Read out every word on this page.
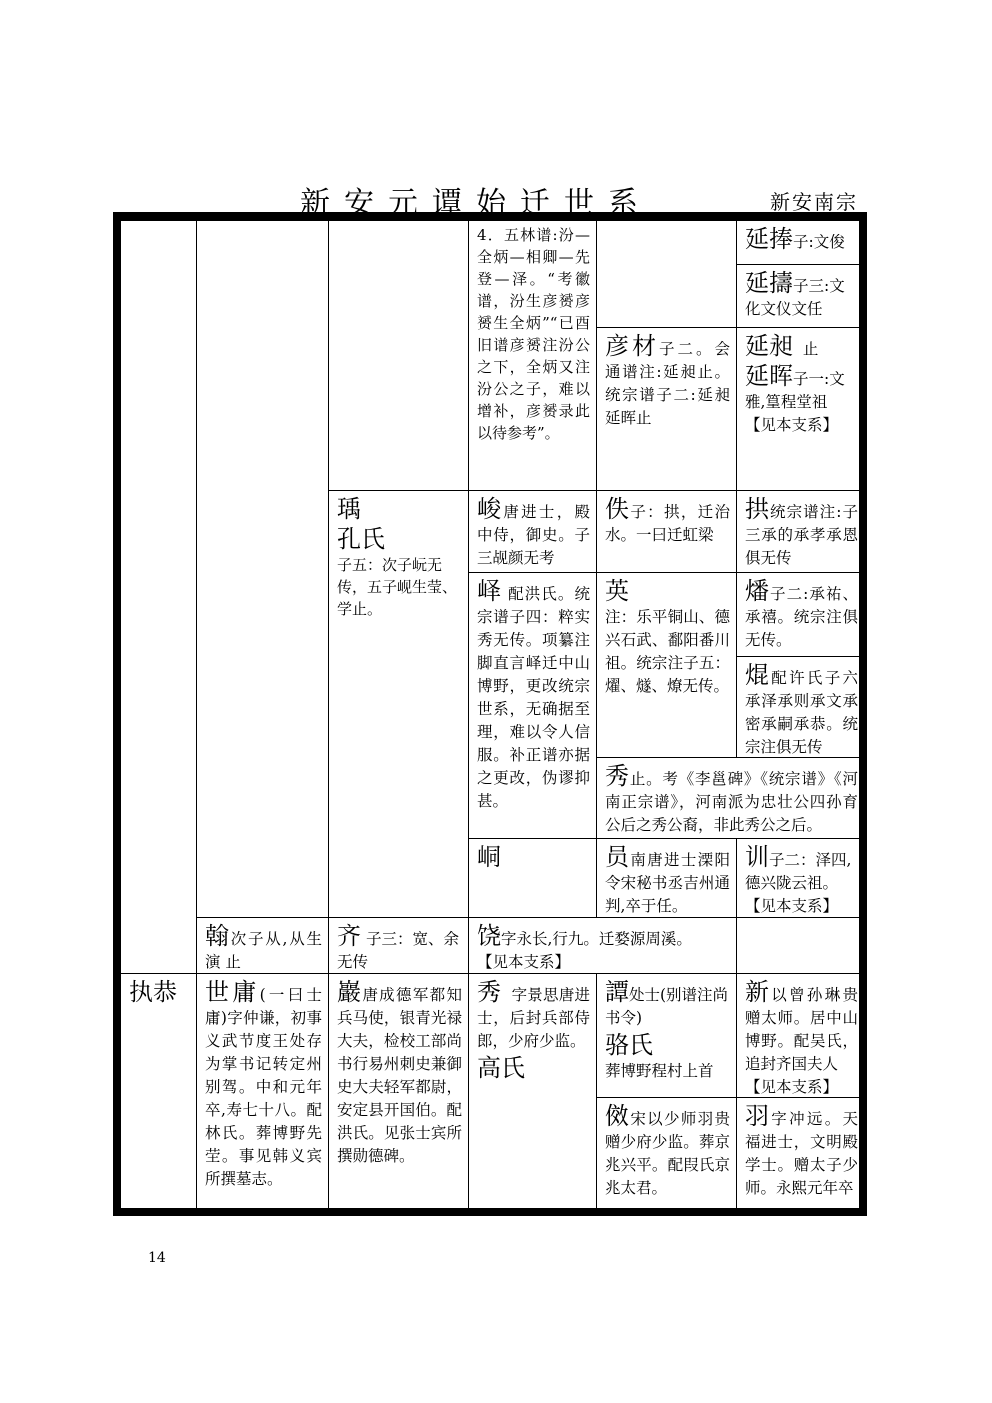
新安元谭始迁世系	新安南宗
执恭
翰次子从,从生演 止
世庸(一曰士庸)字仲谦，初事义武节度王处存为掌书记转定州别驾。中和元年卒,寿七十八。配林氏。葬博野先茔。事见韩义宾所撰墓志。
瑀
孔氏
子五：次子岏无传，五子岘生莹、学止。
齐 子三：宽、余无传
巖唐成德军都知兵马使，银青光禄大夫，检校工部尚书行易州刺史兼御史大夫轻军都尉，安定县开国伯。配洪氏。见张士宾所撰勋德碑。
4．五林谱:汾—全炳—相卿—先登—泽。“考徽谱，汾生彦赟彦赟生全炳”“已酉旧谱彦赟注汾公之下，全炳又注汾公之子，难以增补，彦赟录此以待参考”。
峻唐进士，殿中侍，御史。子三觇颜无考
峄 配洪氏。统宗谱子四：粹实秀无传。项纂注脚直言峄迁中山博野，更改统宗世系，无确据至理，难以令人信服。补正谱亦据之更改，伪谬抑甚。
峒
饶字永长,行九。迁婺源周溪。
【见本支系】
秀 字景思唐进士，后封兵部侍郎，少府少监。
高氏
彦材子二。会通谱注:延昶止。统宗谱子二:延昶延晖止
佚子：拱，迁治水。一曰迁虹梁
英
注：乐平铜山、德兴石武、鄱阳番川祖。统宗注子五：燿、燧、燎无传。
秀止。考《李邕碑》《统宗谱》《河南正宗谱》，河南派为忠壮公四孙育公后之秀公裔，非此秀公之后。
员南唐进士溧阳令宋秘书丞吉州通判,卒于任。
譚处士(别谱注尚书令)
骆氏
葬博野程村上首
傚宋以少师羽贵赠少府少监。葬京兆兴平。配叚氏京兆太君。
延捧子:文俊
延擣子三:文化文仪文任
延昶 止
延晖子一:文雅,篁程堂祖
【见本支系】
拱统宗谱注:子三承的承孝承恩俱无传
燔子二:承祐、承禧。统宗注俱无传。
焜配许氏子六承泽承则承文承密承嗣承恭。统宗注俱无传
训子二：泽四,德兴陇云祖。
【见本支系】
新以曾孙琳贵赠太师。居中山博野。配吴氏，追封齐国夫人
【见本支系】
羽字冲远。天福进士，文明殿学士。赠太子少师。永熙元年卒
14
